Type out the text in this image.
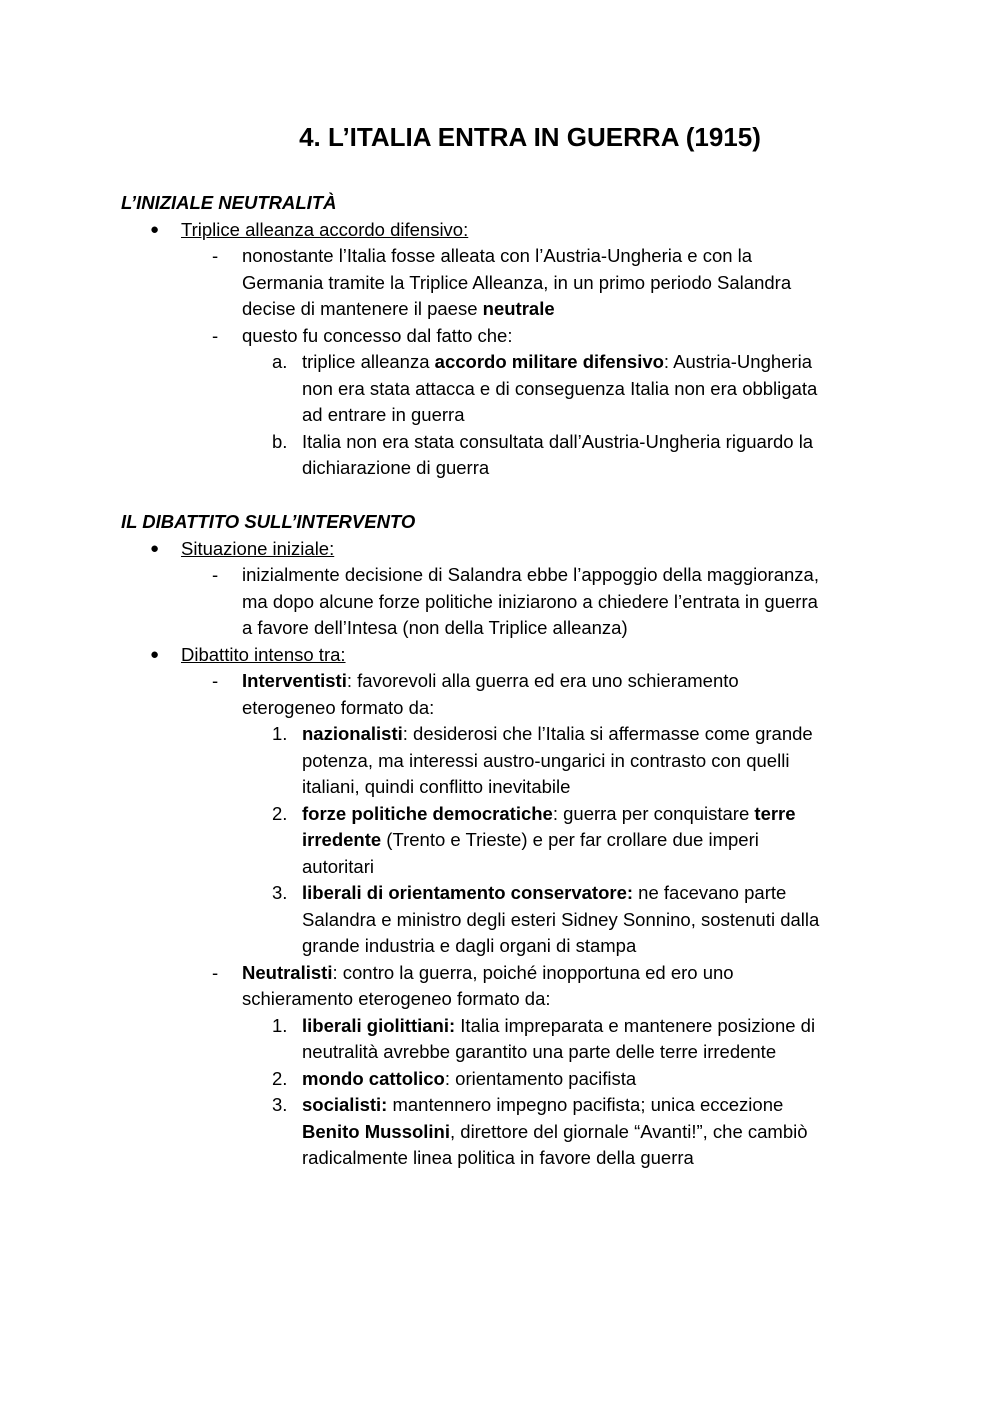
4. L’ITALIA ENTRA IN GUERRA (1915)
L’INIZIALE NEUTRALITÀ
● Triplice alleanza accordo difensivo:
- nonostante l’Italia fosse alleata con l’Austria-Ungheria e con la
Germania tramite la Triplice Alleanza, in un primo periodo Salandra
decise di mantenere il paese neutrale
- questo fu concesso dal fatto che:
a. triplice alleanza accordo militare difensivo: Austria-Ungheria
non era stata attacca e di conseguenza Italia non era obbligata
ad entrare in guerra
b. Italia non era stata consultata dall’Austria-Ungheria riguardo la
dichiarazione di guerra
IL DIBATTITO SULL’INTERVENTO
● Situazione iniziale:
- inizialmente decisione di Salandra ebbe l’appoggio della maggioranza,
ma dopo alcune forze politiche iniziarono a chiedere l’entrata in guerra
a favore dell’Intesa (non della Triplice alleanza)
● Dibattito intenso tra:
- Interventisti: favorevoli alla guerra ed era uno schieramento
eterogeneo formato da:
1. nazionalisti: desiderosi che l’Italia si affermasse come grande
potenza, ma interessi austro-ungarici in contrasto con quelli
italiani, quindi conflitto inevitabile
2. forze politiche democratiche: guerra per conquistare terre
irredente (Trento e Trieste) e per far crollare due imperi
autoritari
3. liberali di orientamento conservatore: ne facevano parte
Salandra e ministro degli esteri Sidney Sonnino, sostenuti dalla
grande industria e dagli organi di stampa
- Neutralisti: contro la guerra, poiché inopportuna ed ero uno
schieramento eterogeneo formato da:
1. liberali giolittiani: Italia impreparata e mantenere posizione di
neutralità avrebbe garantito una parte delle terre irredente
2. mondo cattolico: orientamento pacifista
3. socialisti: mantennero impegno pacifista; unica eccezione
Benito Mussolini, direttore del giornale “Avanti!”, che cambiò
radicalmente linea politica in favore della guerra
